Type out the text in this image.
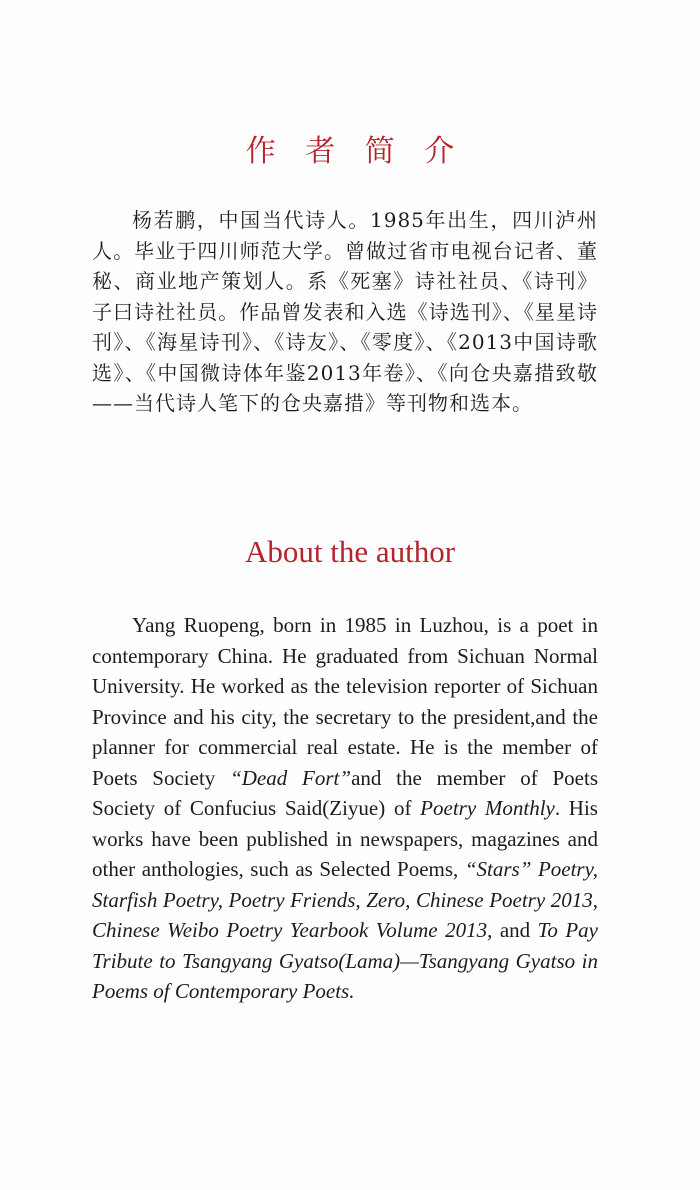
作 者 简 介

杨若鹏，中国当代诗人。1985年出生，四川泸州人。毕业于四川师范大学。曾做过省市电视台记者、董秘、商业地产策划人。系《死塞》诗社社员、《诗刊》子曰诗社社员。作品曾发表和入选《诗选刊》、《星星诗刊》、《海星诗刊》、《诗友》、《零度》、《2013中国诗歌选》、《中国微诗体年鉴2013年卷》、《向仓央嘉措致敬——当代诗人笔下的仓央嘉措》等刊物和选本。

About the author

Yang Ruopeng, born in 1985 in Luzhou, is a poet in contemporary China. He graduated from Sichuan Normal University. He worked as the television reporter of Sichuan Province and his city, the secretary to the president,and the planner for commercial real estate. He is the member of Poets Society “Dead Fort”and the member of Poets Society of Confucius Said(Ziyue) of Poetry Monthly. His works have been published in newspapers, magazines and other anthologies, such as Selected Poems, “Stars” Poetry, Starfish Poetry, Poetry Friends, Zero, Chinese Poetry 2013, Chinese Weibo Poetry Yearbook Volume 2013, and To Pay Tribute to Tsangyang Gyatso(Lama)—Tsangyang Gyatso in Poems of Contemporary Poets.
